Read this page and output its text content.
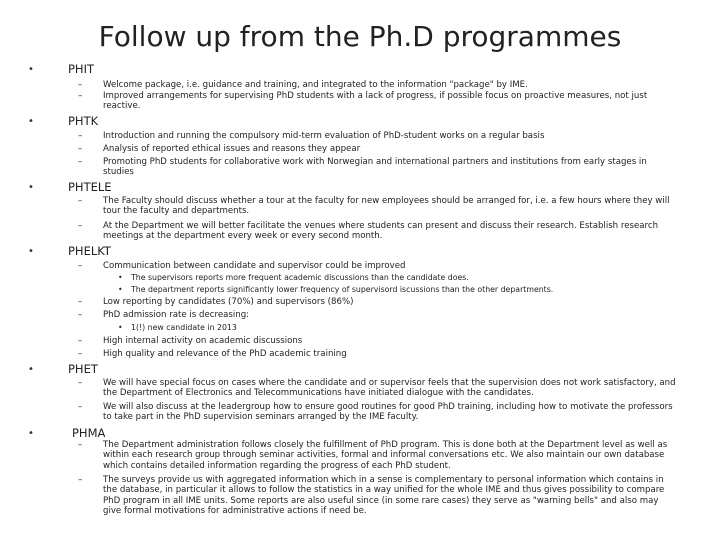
Follow up from the Ph.D programmes
•	PHIT
–	Welcome package, i.e. guidance and training, and integrated to the information "package" by IME.
–	Improved arrangements for supervising PhD students with a lack of progress, if possible focus on proactive measures, not just reactive.
•	PHTK
–	Introduction and running the compulsory mid-term evaluation of PhD-student works on a regular basis
–	Analysis of reported ethical issues and reasons they appear
–	Promoting PhD students for collaborative work with Norwegian and international partners and institutions from early stages in studies
•	PHTELE
–	The Faculty should discuss whether a tour at the faculty for new employees should be arranged for, i.e. a few hours where they will tour the faculty and departments.
–	At the Department we will better facilitate the venues where students can present and discuss their research. Establish research meetings at the department every week or every second month.
•	PHELKT
–	Communication between candidate and supervisor could be improved
• The supervisors reports more frequent academic discussions than the candidate does.
• The department reports significantly lower frequency of supervisord iscussions than the other departments.
–	Low reporting by candidates (70%) and supervisors (86%)
–	PhD admission rate is decreasing:
• 1(!) new candidate in 2013
–	High internal activity on academic discussions
–	High quality and relevance of the PhD academic training
•	PHET
–	We will have special focus on cases where the candidate and or supervisor feels that the supervision does not work satisfactory, and the Department of Electronics and Telecommunications have initiated dialogue with the candidates.
–	We will also discuss at the leadergroup how to ensure good routines for good PhD training, including how to motivate the professors to take part in the PhD supervision seminars arranged by the IME faculty.
•	PHMA
–	The Department administration follows closely the fulfillment of PhD program. This is done both at the Department level as well as within each research group through seminar activities, formal and informal conversations etc. We also maintain our own database which contains detailed information regarding the progress of each PhD student.
–	The surveys provide us with aggregated information which in a sense is complementary to personal information which contains in the database, in particular it allows to follow the statistics in a way unified for the whole IME and thus gives possibility to compare PhD program in all IME units. Some reports are also useful since (in some rare cases) they serve as "warning bells" and also may give formal motivations for administrative actions if need be.
